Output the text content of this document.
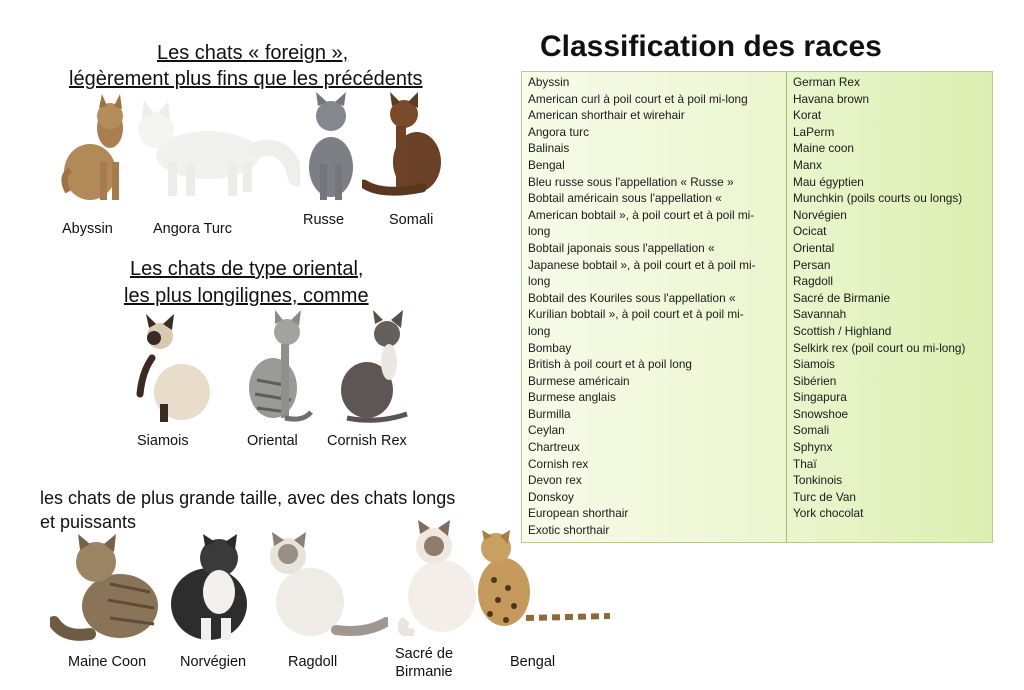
Les chats « foreign »,
légèrement plus fins que les précédents
Abyssin	Angora Turc
Russe	Somali
Les chats de type oriental,
les plus longilignes, comme
Siamois	Oriental Cornish Rex
les chats de plus grande taille, avec des chats longs
et puissants
Maine Coon Norvégien	Ragdoll	Sacré de
Birmanie
Bengal
Classification des races
Abyssin
American curl à poil court et à poil mi-long
American shorthair et wirehair
Angora turc
Balinais
Bengal
Bleu russe sous l'appellation « Russe »
Bobtail américain sous l'appellation «
American bobtail », à poil court et à poil mi-
long
Bobtail japonais sous l'appellation «
Japanese bobtail », à poil court et à poil mi-
long
Bobtail des Kouriles sous l'appellation «
Kurilian bobtail », à poil court et à poil mi-
long
Bombay
British à poil court et à poil long
Burmese américain
Burmese anglais
Burmilla
Ceylan
Chartreux
Cornish rex
Devon rex
Donskoy
European shorthair
Exotic shorthair
German Rex
Havana brown
Korat
LaPerm
Maine coon
Manx
Mau égyptien
Munchkin (poils courts ou longs)
Norvégien
Ocicat
Oriental
Persan
Ragdoll
Sacré de Birmanie
Savannah
Scottish / Highland
Selkirk rex (poil court ou mi-long)
Siamois
Sibérien
Singapura
Snowshoe
Somali
Sphynx
Thaï
Tonkinois
Turc de Van
York chocolat
